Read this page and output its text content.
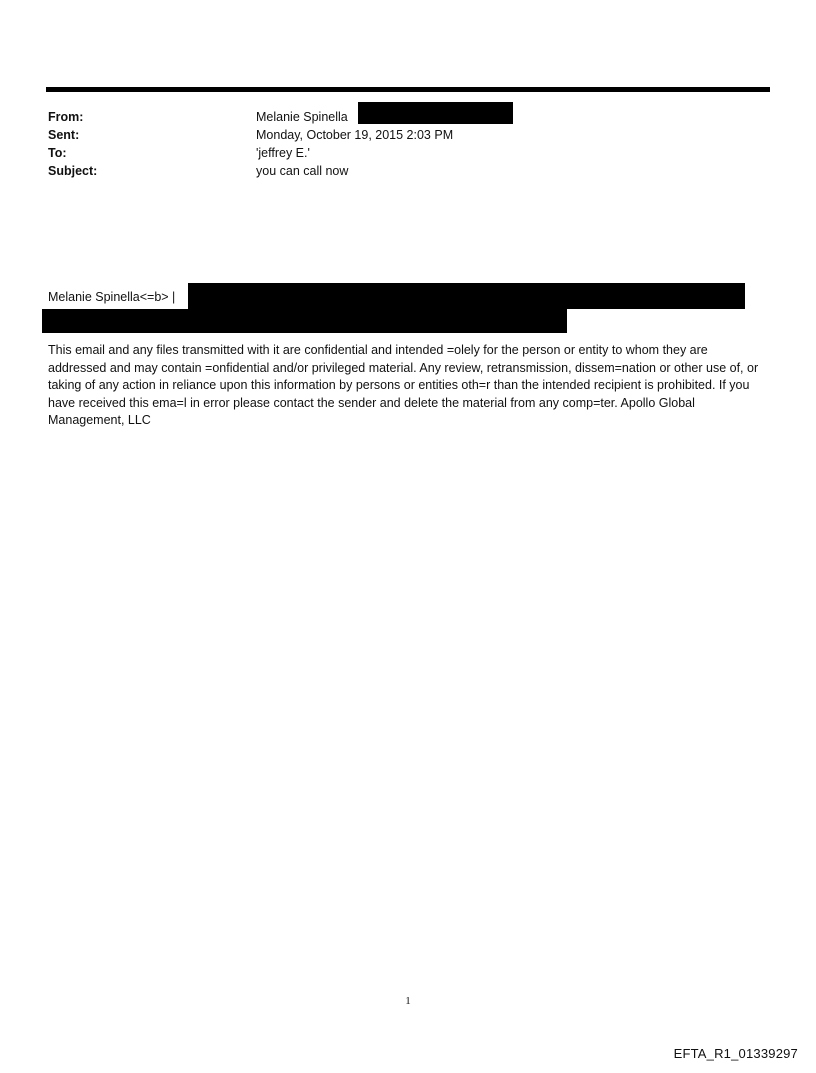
From:	Melanie Spinella
Sent:	Monday, October 19, 2015 2:03 PM
To:	'jeffrey E.'
Subject:	you can call now
Melanie Spinella<=b> |
This email and any files transmitted with it are confidential and intended =olely for the person or entity to whom they are addressed and may contain =onfidential and/or privileged material. Any review, retransmission, dissem=nation or other use of, or taking of any action in reliance upon this information by persons or entities oth=r than the intended recipient is prohibited. If you have received this ema=l in error please contact the sender and delete the material from any comp=ter. Apollo Global Management, LLC
1
EFTA_R1_01339297
